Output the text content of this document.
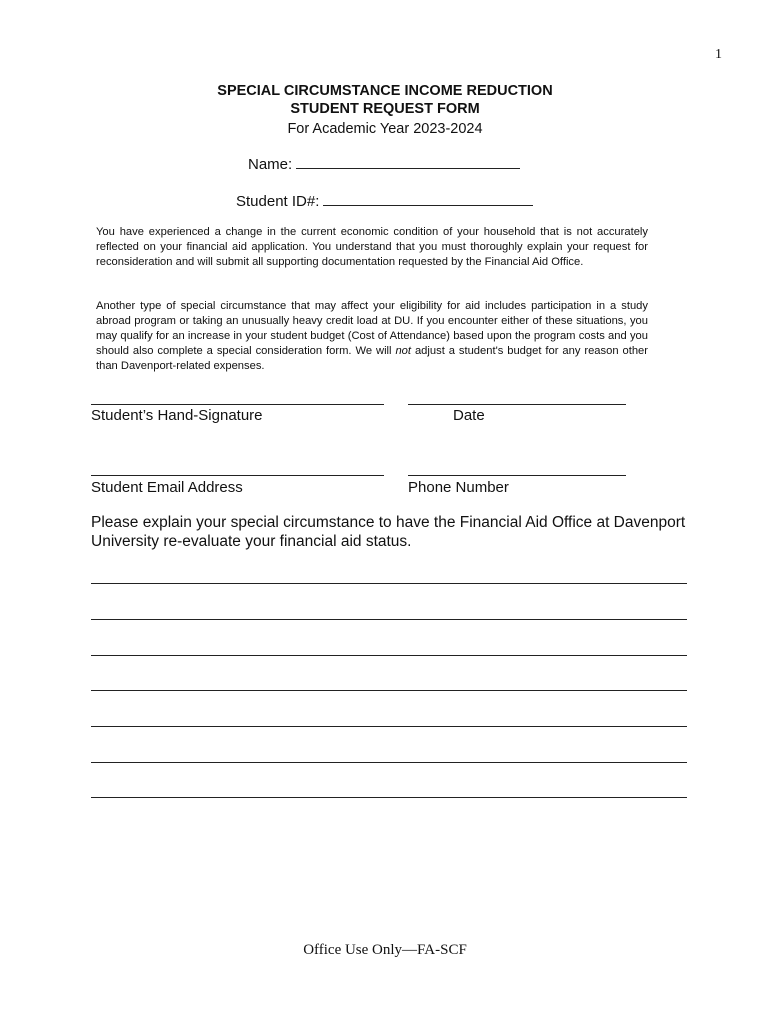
1
SPECIAL CIRCUMSTANCE INCOME REDUCTION
STUDENT REQUEST FORM
For Academic Year 2023-2024
Name:
Student ID#:
You have experienced a change in the current economic condition of your household that is not accurately reflected on your financial aid application. You understand that you must thoroughly explain your request for reconsideration and will submit all supporting documentation requested by the Financial Aid Office.
Another type of special circumstance that may affect your eligibility for aid includes participation in a study abroad program or taking an unusually heavy credit load at DU. If you encounter either of these situations, you may qualify for an increase in your student budget (Cost of Attendance) based upon the program costs and you should also complete a special consideration form. We will not adjust a student's budget for any reason other than Davenport-related expenses.
Student’s Hand-Signature	Date
Student Email Address	Phone Number
Please explain your special circumstance to have the Financial Aid Office at Davenport University re-evaluate your financial aid status.
Office Use Only—FA-SCF
